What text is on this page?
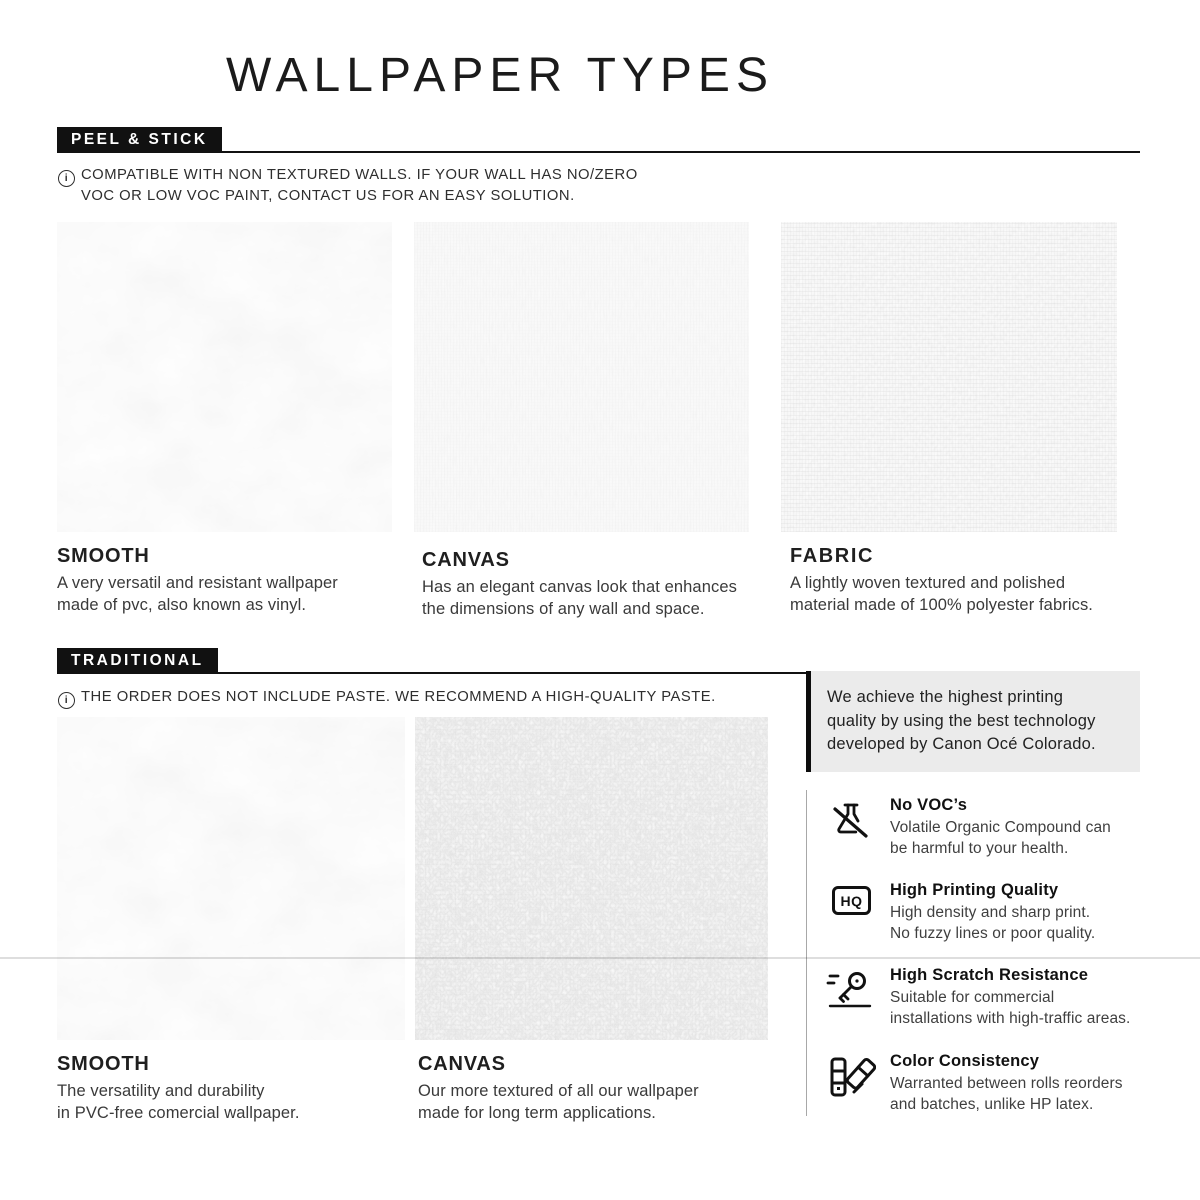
WALLPAPER TYPES
PEEL & STICK
i COMPATIBLE WITH NON TEXTURED WALLS. IF YOUR WALL HAS NO/ZERO
VOC OR LOW VOC PAINT, CONTACT US FOR AN EASY SOLUTION.
SMOOTH
A very versatil and resistant wallpaper
made of pvc, also known as vinyl.
CANVAS
Has an elegant canvas look that enhances
the dimensions of any wall and space.
FABRIC
A lightly woven textured and polished
material made of 100% polyester fabrics.
TRADITIONAL
i THE ORDER DOES NOT INCLUDE PASTE. WE RECOMMEND A HIGH-QUALITY PASTE.
SMOOTH
The versatility and durability
in PVC-free comercial wallpaper.
CANVAS
Our more textured of all our wallpaper
made for long term applications.
We achieve the highest printing
quality by using the best technology
developed by Canon Océ Colorado.
No VOC’s
Volatile Organic Compound can
be harmful to your health.
HQ
High Printing Quality
High density and sharp print.
No fuzzy lines or poor quality.
High Scratch Resistance
Suitable for commercial
installations with high-traffic areas.
Color Consistency
Warranted between rolls reorders
and batches, unlike HP latex.
